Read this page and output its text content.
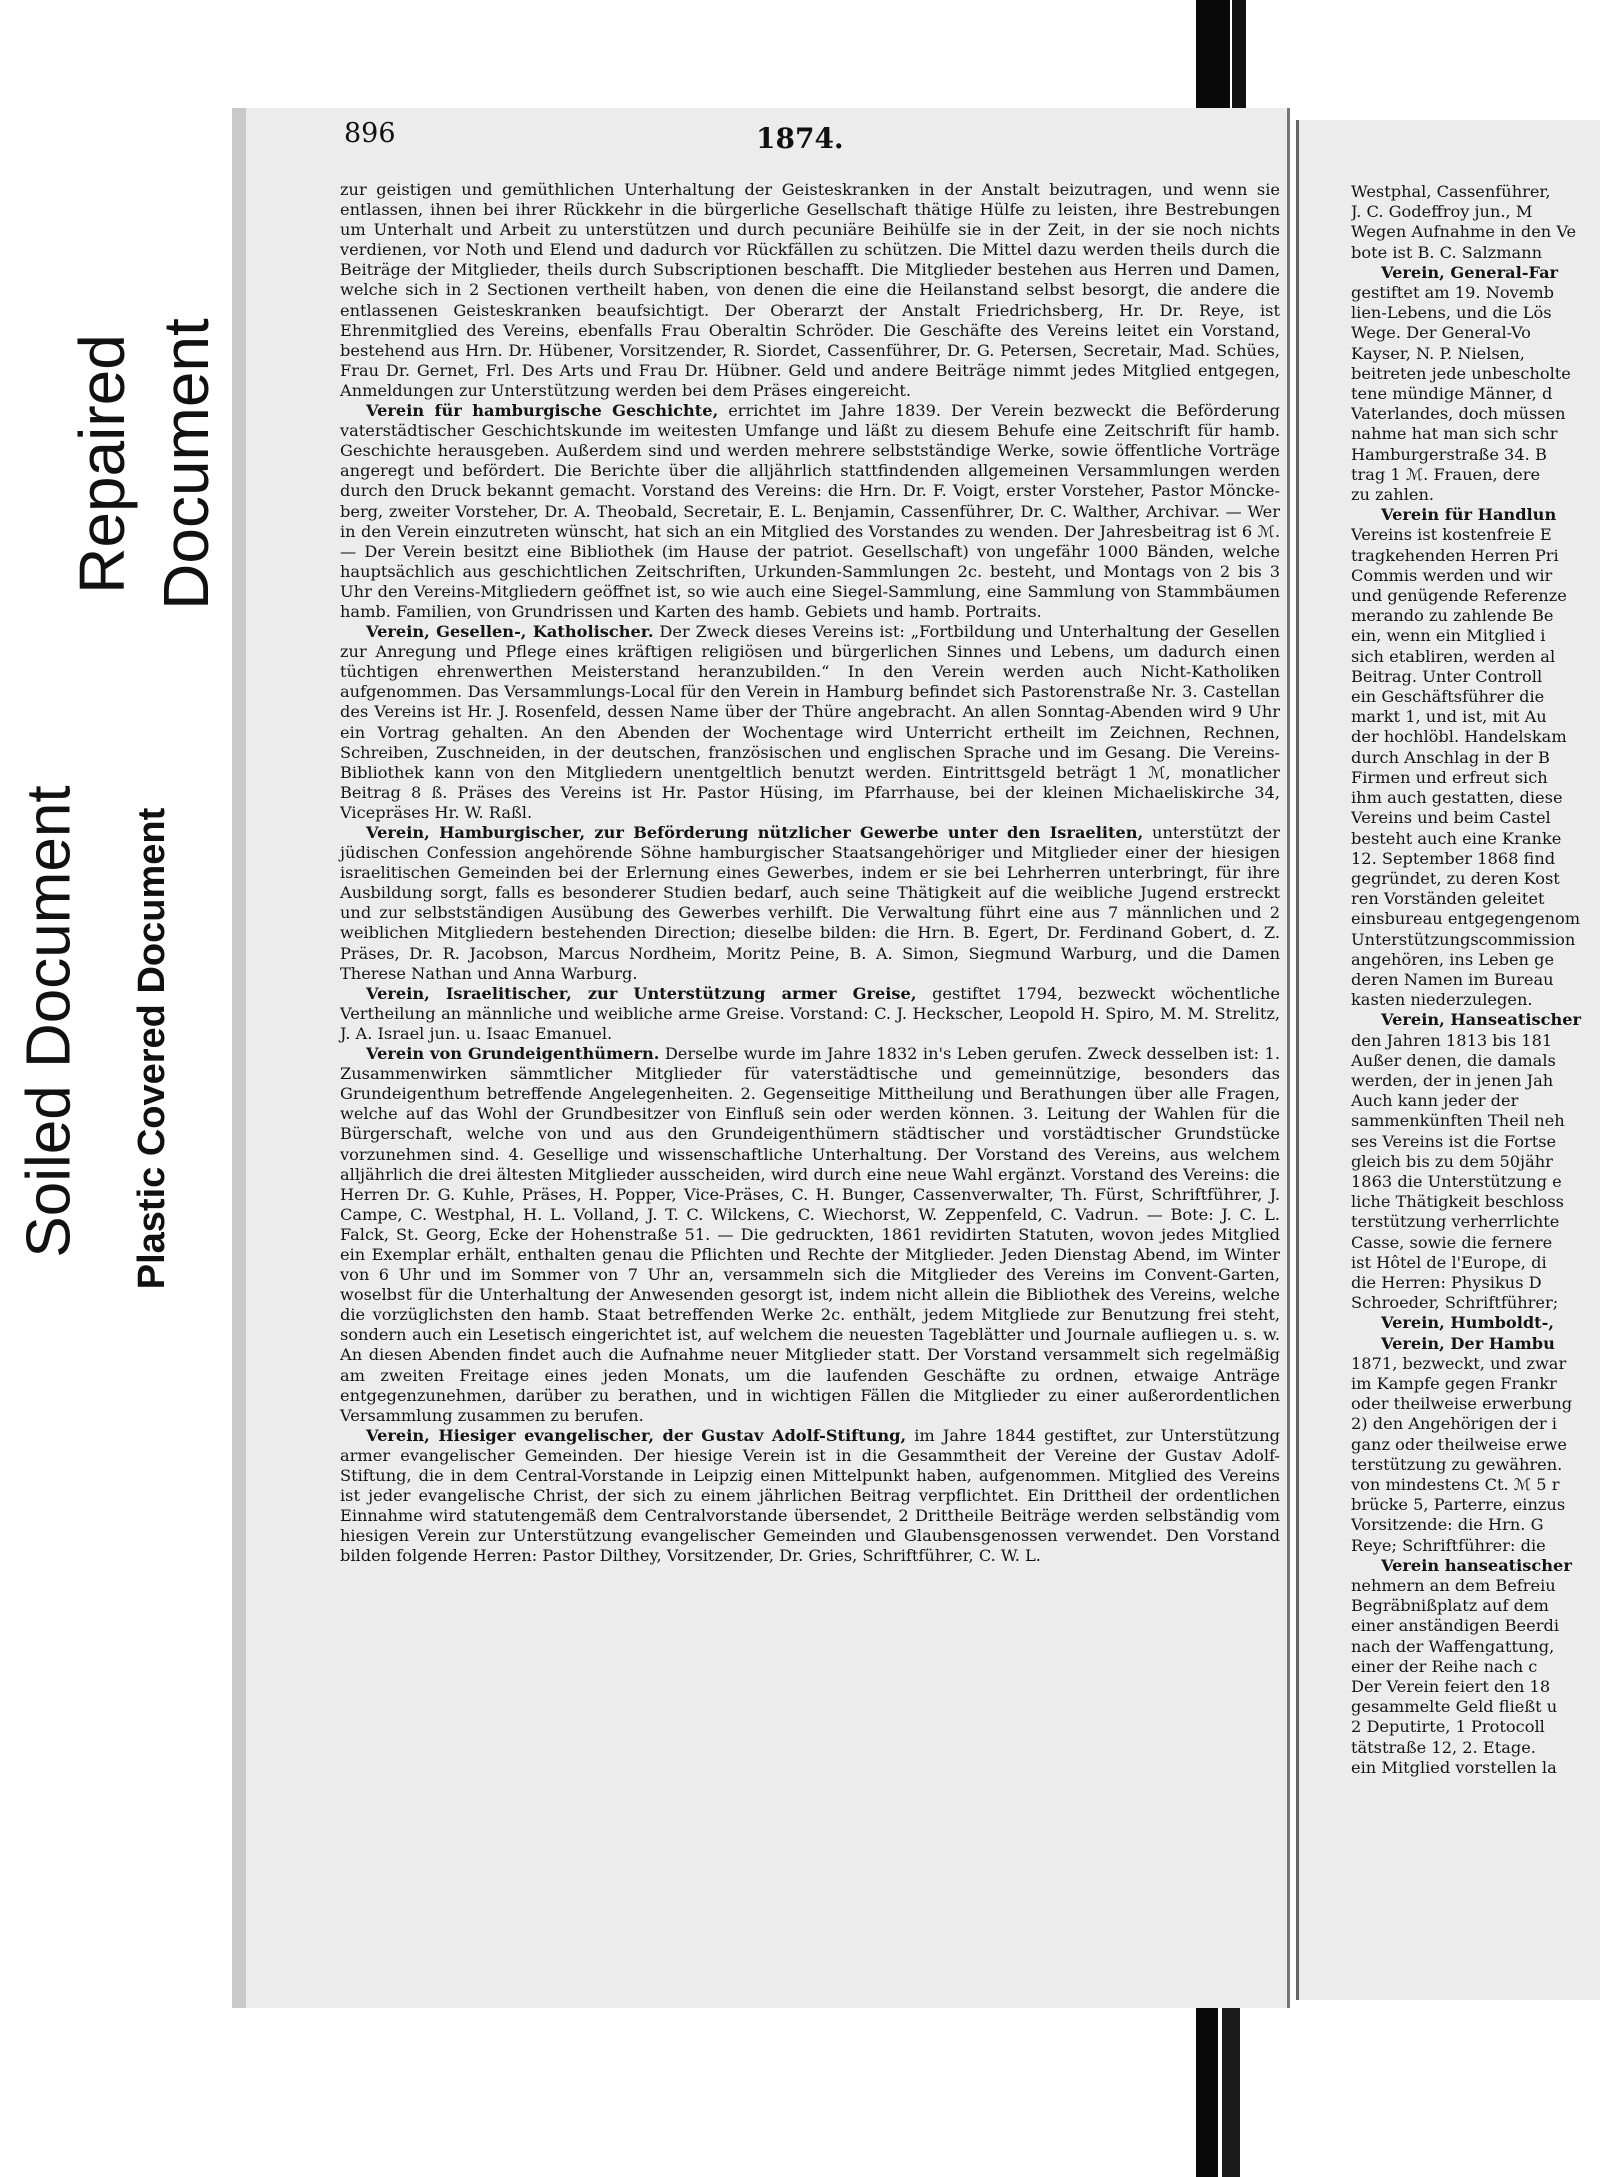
Repaired Document
Soiled Document Plastic Covered Document
896	1874.

zur geistigen und gemüthlichen Unterhaltung der Geisteskranken in der Anstalt beizutragen, und wenn sie entlassen, ihnen bei ihrer Rückkehr in die bürgerliche Gesellschaft thätige Hülfe zu leisten, ihre Bestrebungen um Unterhalt und Arbeit zu unterstützen und durch pecuniäre Beihülfe sie in der Zeit, in der sie noch nichts verdienen, vor Noth und Elend und dadurch vor Rückfällen zu schützen. Die Mittel dazu werden theils durch die Beiträge der Mitglieder, theils durch Subscriptionen beschafft. Die Mitglieder bestehen aus Herren und Damen, welche sich in 2 Sectionen vertheilt haben, von denen die eine die Heilanstand selbst besorgt, die andere die entlassenen Geisteskranken beaufsichtigt. Der Oberarzt der Anstalt Friedrichsberg, Hr. Dr. Reye, ist Ehrenmitglied des Vereins, ebenfalls Frau Oberaltin Schröder. Die Geschäfte des Vereins leitet ein Vorstand, bestehend aus Hrn. Dr. Hübener, Vorsitzender, R. Siordet, Cassenführer, Dr. G. Petersen, Secretair, Mad. Schües, Frau Dr. Gernet, Frl. Des Arts und Frau Dr. Hübner. Geld und andere Beiträge nimmt jedes Mitglied entgegen, Anmeldungen zur Unterstützung werden bei dem Präses eingereicht.

Verein für hamburgische Geschichte, errichtet im Jahre 1839. Der Verein bezweckt die Beförderung vaterstädtischer Geschichtskunde im weitesten Umfange und läßt zu diesem Behufe eine Zeitschrift für hamb. Geschichte herausgeben. Außerdem sind und werden mehrere selbstständige Werke, sowie öffentliche Vorträge angeregt und befördert. Die Berichte über die alljährlich stattfindenden allgemeinen Versammlungen werden durch den Druck bekannt gemacht. Vorstand des Vereins: die Hrn. Dr. F. Voigt, erster Vorsteher, Pastor Mönckeberg, zweiter Vorsteher, Dr. A. Theobald, Secretair, E. L. Benjamin, Cassenführer, Dr. C. Walther, Archivar. — Wer in den Verein einzutreten wünscht, hat sich an ein Mitglied des Vorstandes zu wenden. Der Jahresbeitrag ist 6 ℳ. — Der Verein besitzt eine Bibliothek (im Hause der patriot. Gesellschaft) von ungefähr 1000 Bänden, welche hauptsächlich aus geschichtlichen Zeitschriften, Urkunden-Sammlungen 2c. besteht, und Montags von 2 bis 3 Uhr den Vereins-Mitgliedern geöffnet ist, so wie auch eine Siegel-Sammlung, eine Sammlung von Stammbäumen hamb. Familien, von Grundrissen und Karten des hamb. Gebiets und hamb. Portraits.

Verein, Gesellen-, Katholischer. Der Zweck dieses Vereins ist: „Fortbildung und Unterhaltung der Gesellen zur Anregung und Pflege eines kräftigen religiösen und bürgerlichen Sinnes und Lebens, um dadurch einen tüchtigen ehrenwerthen Meisterstand heranzubilden.“ In den Verein werden auch Nicht-Katholiken aufgenommen. Das Versammlungs-Local für den Verein in Hamburg befindet sich Pastorenstraße Nr. 3. Castellan des Vereins ist Hr. J. Rosenfeld, dessen Name über der Thüre angebracht. An allen Sonntag-Abenden wird 9 Uhr ein Vortrag gehalten. An den Abenden der Wochentage wird Unterricht ertheilt im Zeichnen, Rechnen, Schreiben, Zuschneiden, in der deutschen, französischen und englischen Sprache und im Gesang. Die Vereins-Bibliothek kann von den Mitgliedern unentgeltlich benutzt werden. Eintrittsgeld beträgt 1 ℳ, monatlicher Beitrag 8 ß. Präses des Vereins ist Hr. Pastor Hüsing, im Pfarrhause, bei der kleinen Michaeliskirche 34, Vicepräses Hr. W. Raßl.

Verein, Hamburgischer, zur Beförderung nützlicher Gewerbe unter den Israeliten, unterstützt der jüdischen Confession angehörende Söhne hamburgischer Staatsangehöriger und Mitglieder einer der hiesigen israelitischen Gemeinden bei der Erlernung eines Gewerbes, indem er sie bei Lehrherren unterbringt, für ihre Ausbildung sorgt, falls es besonderer Studien bedarf, auch seine Thätigkeit auf die weibliche Jugend erstreckt und zur selbstständigen Ausübung des Gewerbes verhilft. Die Verwaltung führt eine aus 7 männlichen und 2 weiblichen Mitgliedern bestehenden Direction; dieselbe bilden: die Hrn. B. Egert, Dr. Ferdinand Gobert, d. Z. Präses, Dr. R. Jacobson, Marcus Nordheim, Moritz Peine, B. A. Simon, Siegmund Warburg, und die Damen Therese Nathan und Anna Warburg.

Verein, Israelitischer, zur Unterstützung armer Greise, gestiftet 1794, bezweckt wöchentliche Vertheilung an männliche und weibliche arme Greise. Vorstand: C. J. Heckscher, Leopold H. Spiro, M. M. Strelitz, J. A. Israel jun. u. Isaac Emanuel.

Verein von Grundeigenthümern. Derselbe wurde im Jahre 1832 in's Leben gerufen. Zweck desselben ist: 1. Zusammenwirken sämmtlicher Mitglieder für vaterstädtische und gemeinnützige, besonders das Grundeigenthum betreffende Angelegenheiten. 2. Gegenseitige Mittheilung und Berathungen über alle Fragen, welche auf das Wohl der Grundbesitzer von Einfluß sein oder werden können. 3. Leitung der Wahlen für die Bürgerschaft, welche von und aus den Grundeigenthümern städtischer und vorstädtischer Grundstücke vorzunehmen sind. 4. Gesellige und wissenschaftliche Unterhaltung. Der Vorstand des Vereins, aus welchem alljährlich die drei ältesten Mitglieder ausscheiden, wird durch eine neue Wahl ergänzt. Vorstand des Vereins: die Herren Dr. G. Kuhle, Präses, H. Popper, Vice-Präses, C. H. Bunger, Cassenverwalter, Th. Fürst, Schriftführer, J. Campe, C. Westphal, H. L. Volland, J. T. C. Wilckens, C. Wiechorst, W. Zeppenfeld, C. Vadrun. — Bote: J. C. L. Falck, St. Georg, Ecke der Hohenstraße 51. — Die gedruckten, 1861 revidirten Statuten, wovon jedes Mitglied ein Exemplar erhält, enthalten genau die Pflichten und Rechte der Mitglieder. Jeden Dienstag Abend, im Winter von 6 Uhr und im Sommer von 7 Uhr an, versammeln sich die Mitglieder des Vereins im Convent-Garten, woselbst für die Unterhaltung der Anwesenden gesorgt ist, indem nicht allein die Bibliothek des Vereins, welche die vorzüglichsten den hamb. Staat betreffenden Werke 2c. enthält, jedem Mitgliede zur Benutzung frei steht, sondern auch ein Lesetisch eingerichtet ist, auf welchem die neuesten Tageblätter und Journale aufliegen u. s. w. An diesen Abenden findet auch die Aufnahme neuer Mitglieder statt. Der Vorstand versammelt sich regelmäßig am zweiten Freitage eines jeden Monats, um die laufenden Geschäfte zu ordnen, etwaige Anträge entgegenzunehmen, darüber zu berathen, und in wichtigen Fällen die Mitglieder zu einer außerordentlichen Versammlung zusammen zu berufen.

Verein, Hiesiger evangelischer, der Gustav Adolf-Stiftung, im Jahre 1844 gestiftet, zur Unterstützung armer evangelischer Gemeinden. Der hiesige Verein ist in die Gesammtheit der Vereine der Gustav Adolf-Stiftung, die in dem Central-Vorstande in Leipzig einen Mittelpunkt haben, aufgenommen. Mitglied des Vereins ist jeder evangelische Christ, der sich zu einem jährlichen Beitrag verpflichtet. Ein Drittheil der ordentlichen Einnahme wird statutengemäß dem Centralvorstande übersendet, 2 Drittheile Beiträge werden selbständig vom hiesigen Verein zur Unterstützung evangelischer Gemeinden und Glaubensgenossen verwendet. Den Vorstand bilden folgende Herren: Pastor Dilthey, Vorsitzender, Dr. Gries, Schriftführer, C. W. L.

Westphal, Cassenführer,
J. C. Godeffroy jun., M
Wegen Aufnahme in den Ve
bote ist B. C. Salzmann
Verein, General-Far
gestiftet am 19. Novemb
lien-Lebens, und die Lös
Wege. Der General-Vo
Kayser, N. P. Nielsen,
beitreten jede unbescholte
tene mündige Männer, d
Vaterlandes, doch müssen
nahme hat man sich schr
Hamburgerstraße 34. B
trag 1 ℳ. Frauen, dere
zu zahlen.
Verein für Handlun
Vereins ist kostenfreie E
tragkehenden Herren Pri
Commis werden und wir
und genügende Referenze
merando zu zahlende Be
ein, wenn ein Mitglied i
sich etabliren, werden al
Beitrag. Unter Controll
ein Geschäftsführer die
markt 1, und ist, mit Au
der hochlöbl. Handelskam
durch Anschlag in der B
Firmen und erfreut sich
ihm auch gestatten, diese
Vereins und beim Castel
besteht auch eine Kranke
12. September 1868 find
gegründet, zu deren Kost
ren Vorständen geleitet
einsbureau entgegengenom
Unterstützungscommission
angehören, ins Leben ge
deren Namen im Bureau
kasten niederzulegen.
Verein, Hanseatischer
den Jahren 1813 bis 181
Außer denen, die damals
werden, der in jenen Jah
Auch kann jeder der
sammenkünften Theil neh
ses Vereins ist die Fortse
gleich bis zu dem 50jähr
1863 die Unterstützung e
liche Thätigkeit beschloss
terstützung verherrlichte
Casse, sowie die fernere
ist Hôtel de l'Europe, di
die Herren: Physikus D
Schroeder, Schriftführer;
Verein, Humboldt-,
Verein, Der Hambu
1871, bezweckt, und zwar
im Kampfe gegen Frankr
oder theilweise erwerbung
2) den Angehörigen der i
ganz oder theilweise erwe
terstützung zu gewähren.
von mindestens Ct. ℳ 5 r
brücke 5, Parterre, einzus
Vorsitzende: die Hrn. G
Reye; Schriftführer: die
Verein hanseatischer
nehmern an dem Befreiu
Begräbnißplatz auf dem
einer anständigen Beerdi
nach der Waffengattung,
einer der Reihe nach c
Der Verein feiert den 18
gesammelte Geld fließt u
2 Deputirte, 1 Protocoll
tätstraße 12, 2. Etage.
ein Mitglied vorstellen la
